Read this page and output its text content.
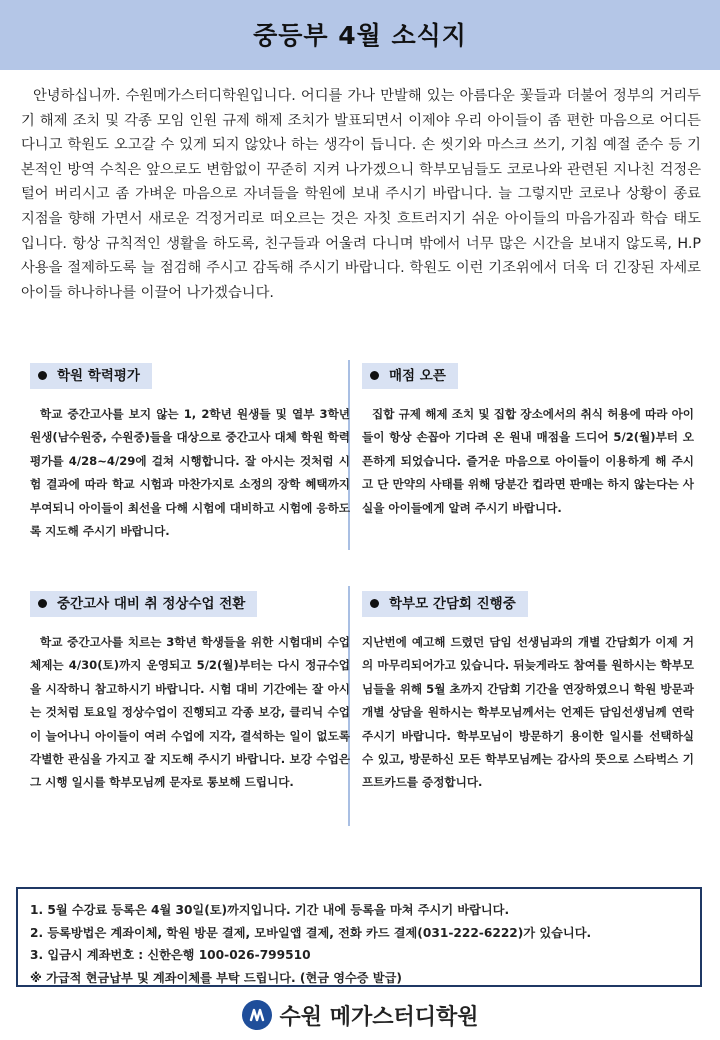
중등부 4월 소식지

안녕하십니까. 수원메가스터디학원입니다. 어디를 가나 만발해 있는 아름다운 꽃들과 더불어 정부의 거리두기 해제 조치 및 각종 모임 인원 규제 해제 조치가 발표되면서 이제야 우리 아이들이 좀 편한 마음으로 어디든 다니고 학원도 오고갈 수 있게 되지 않았나 하는 생각이 듭니다. 손 씻기와 마스크 쓰기, 기침 예절 준수 등 기본적인 방역 수칙은 앞으로도 변함없이 꾸준히 지켜 나가겠으니 학부모님들도 코로나와 관련된 지나친 걱정은 털어 버리시고 좀 가벼운 마음으로 자녀들을 학원에 보내 주시기 바랍니다. 늘 그렇지만 코로나 상황이 종료 지점을 향해 가면서 새로운 걱정거리로 떠오르는 것은 자칫 흐트러지기 쉬운 아이들의 마음가짐과 학습 태도입니다. 항상 규칙적인 생활을 하도록, 친구들과 어울려 다니며 밖에서 너무 많은 시간을 보내지 않도록, H.P사용을 절제하도록 늘 점검해 주시고 감독해 주시기 바랍니다. 학원도 이런 기조위에서 더욱 더 긴장된 자세로 아이들 하나하나를 이끌어 나가겠습니다.

학원 학력평가

학교 중간고사를 보지 않는 1, 2학년 원생들 및 열부 3학년 원생(남수원중, 수원중)들을 대상으로 중간고사 대체 학원 학력평가를 4/28~4/29에 걸쳐 시행합니다. 잘 아시는 것처럼 시험 결과에 따라 학교 시험과 마찬가지로 소정의 장학 혜택까지 부여되니 아이들이 최선을 다해 시험에 대비하고 시험에 응하도록 지도해 주시기 바랍니다.

매점 오픈

집합 규제 해제 조치 및 집합 장소에서의 취식 허용에 따라 아이들이 항상 손꼽아 기다려 온 원내 매점을 드디어 5/2(월)부터 오픈하게 되었습니다. 즐거운 마음으로 아이들이 이용하게 해 주시고 단 만약의 사태를 위해 당분간 컵라면 판매는 하지 않는다는 사실을 아이들에게 알려 주시기 바랍니다.

중간고사 대비 취 정상수업 전환

학교 중간고사를 치르는 3학년 학생들을 위한 시험대비 수업 체제는 4/30(토)까지 운영되고 5/2(월)부터는 다시 정규수업을 시작하니 참고하시기 바랍니다. 시험 대비 기간에는 잘 아시는 것처럼 토요일 정상수업이 진행되고 각종 보강, 클리닉 수업이 늘어나니 아이들이 여러 수업에 지각, 결석하는 일이 없도록 각별한 관심을 가지고 잘 지도해 주시기 바랍니다. 보강 수업은 그 시행 일시를 학부모님께 문자로 통보해 드립니다.

학부모 간담회 진행중

지난번에 예고해 드렸던 담임 선생님과의 개별 간담회가 이제 거의 마무리되어가고 있습니다. 뒤늦게라도 참여를 원하시는 학부모님들을 위해 5월 초까지 간담회 기간을 연장하였으니 학원 방문과 개별 상담을 원하시는 학부모님께서는 언제든 담임선생님께 연락 주시기 바랍니다. 학부모님이 방문하기 용이한 일시를 선택하실 수 있고, 방문하신 모든 학부모님께는 감사의 뜻으로 스타벅스 기프트카드를 증정합니다.

1. 5월 수강료 등록은 4월 30일(토)까지입니다. 기간 내에 등록을 마쳐 주시기 바랍니다.

2. 등록방법은 계좌이체, 학원 방문 결제, 모바일앱 결제, 전화 카드 결제(031-222-6222)가 있습니다.

3. 입금시 계좌번호 : 신한은행 100-026-799510

※ 가급적 현금납부 및 계좌이체를 부탁 드립니다. (현금 영수증 발급)

수원 메가스터디학원
